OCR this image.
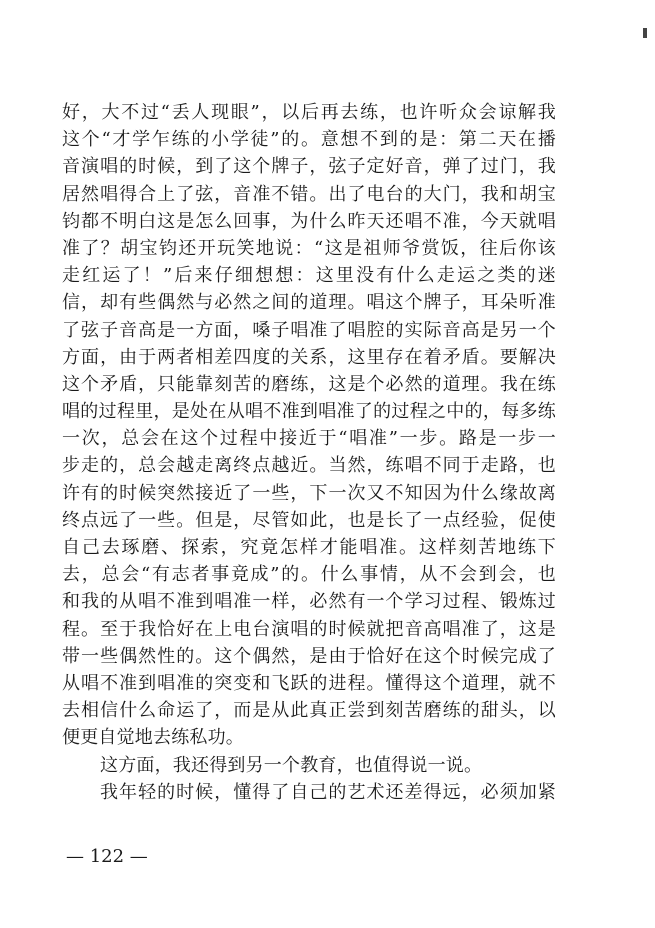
好，大不过“丢人现眼”，以后再去练，也许听众会谅解我
这个“才学乍练的小学徒”的。意想不到的是：第二天在播
音演唱的时候，到了这个牌子，弦子定好音，弹了过门，我
居然唱得合上了弦，音准不错。出了电台的大门，我和胡宝
钧都不明白这是怎么回事，为什么昨天还唱不准，今天就唱
准了？胡宝钧还开玩笑地说：“这是祖师爷赏饭，往后你该
走红运了！”后来仔细想想：这里没有什么走运之类的迷
信，却有些偶然与必然之间的道理。唱这个牌子，耳朵听准
了弦子音高是一方面，嗓子唱准了唱腔的实际音高是另一个
方面，由于两者相差四度的关系，这里存在着矛盾。要解决
这个矛盾，只能靠刻苦的磨练，这是个必然的道理。我在练
唱的过程里，是处在从唱不准到唱准了的过程之中的，每多练
一次，总会在这个过程中接近于“唱准”一步。路是一步一
步走的，总会越走离终点越近。当然，练唱不同于走路，也
许有的时候突然接近了一些，下一次又不知因为什么缘故离
终点远了一些。但是，尽管如此，也是长了一点经验，促使
自己去琢磨、探索，究竟怎样才能唱准。这样刻苦地练下
去，总会“有志者事竟成”的。什么事情，从不会到会，也
和我的从唱不准到唱准一样，必然有一个学习过程、锻炼过
程。至于我恰好在上电台演唱的时候就把音高唱准了，这是
带一些偶然性的。这个偶然，是由于恰好在这个时候完成了
从唱不准到唱准的突变和飞跃的进程。懂得这个道理，就不
去相信什么命运了，而是从此真正尝到刻苦磨练的甜头，以
便更自觉地去练私功。
这方面，我还得到另一个教育，也值得说一说。
我年轻的时候，懂得了自己的艺术还差得远，必须加紧
— 122 —
